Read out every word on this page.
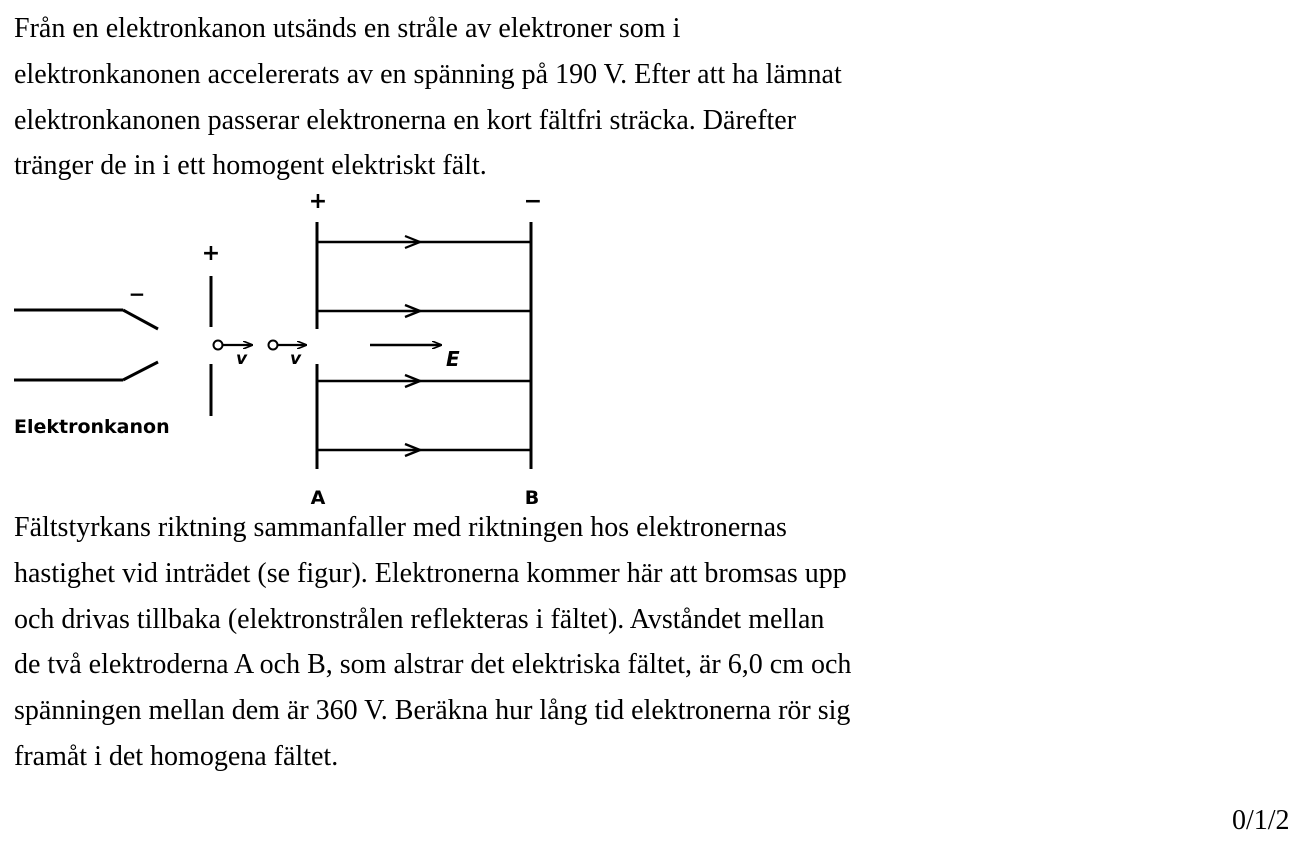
Från en elektronkanon utsänds en stråle av elektroner som i
elektronkanonen accelererats av en spänning på 190 V. Efter att ha lämnat
elektronkanonen passerar elektronerna en kort fältfri sträcka. Därefter
tränger de in i ett homogent elektriskt fält.
−
Elektronkanon
+
v	v
+
A
−
B
E
Fältstyrkans riktning sammanfaller med riktningen hos elektronernas
hastighet vid inträdet (se figur). Elektronerna kommer här att bromsas upp
och drivas tillbaka (elektronstrålen reflekteras i fältet). Avståndet mellan
de två elektroderna A och B, som alstrar det elektriska fältet, är 6,0 cm och
spänningen mellan dem är 360 V. Beräkna hur lång tid elektronerna rör sig
framåt i det homogena fältet.
0/1/2
